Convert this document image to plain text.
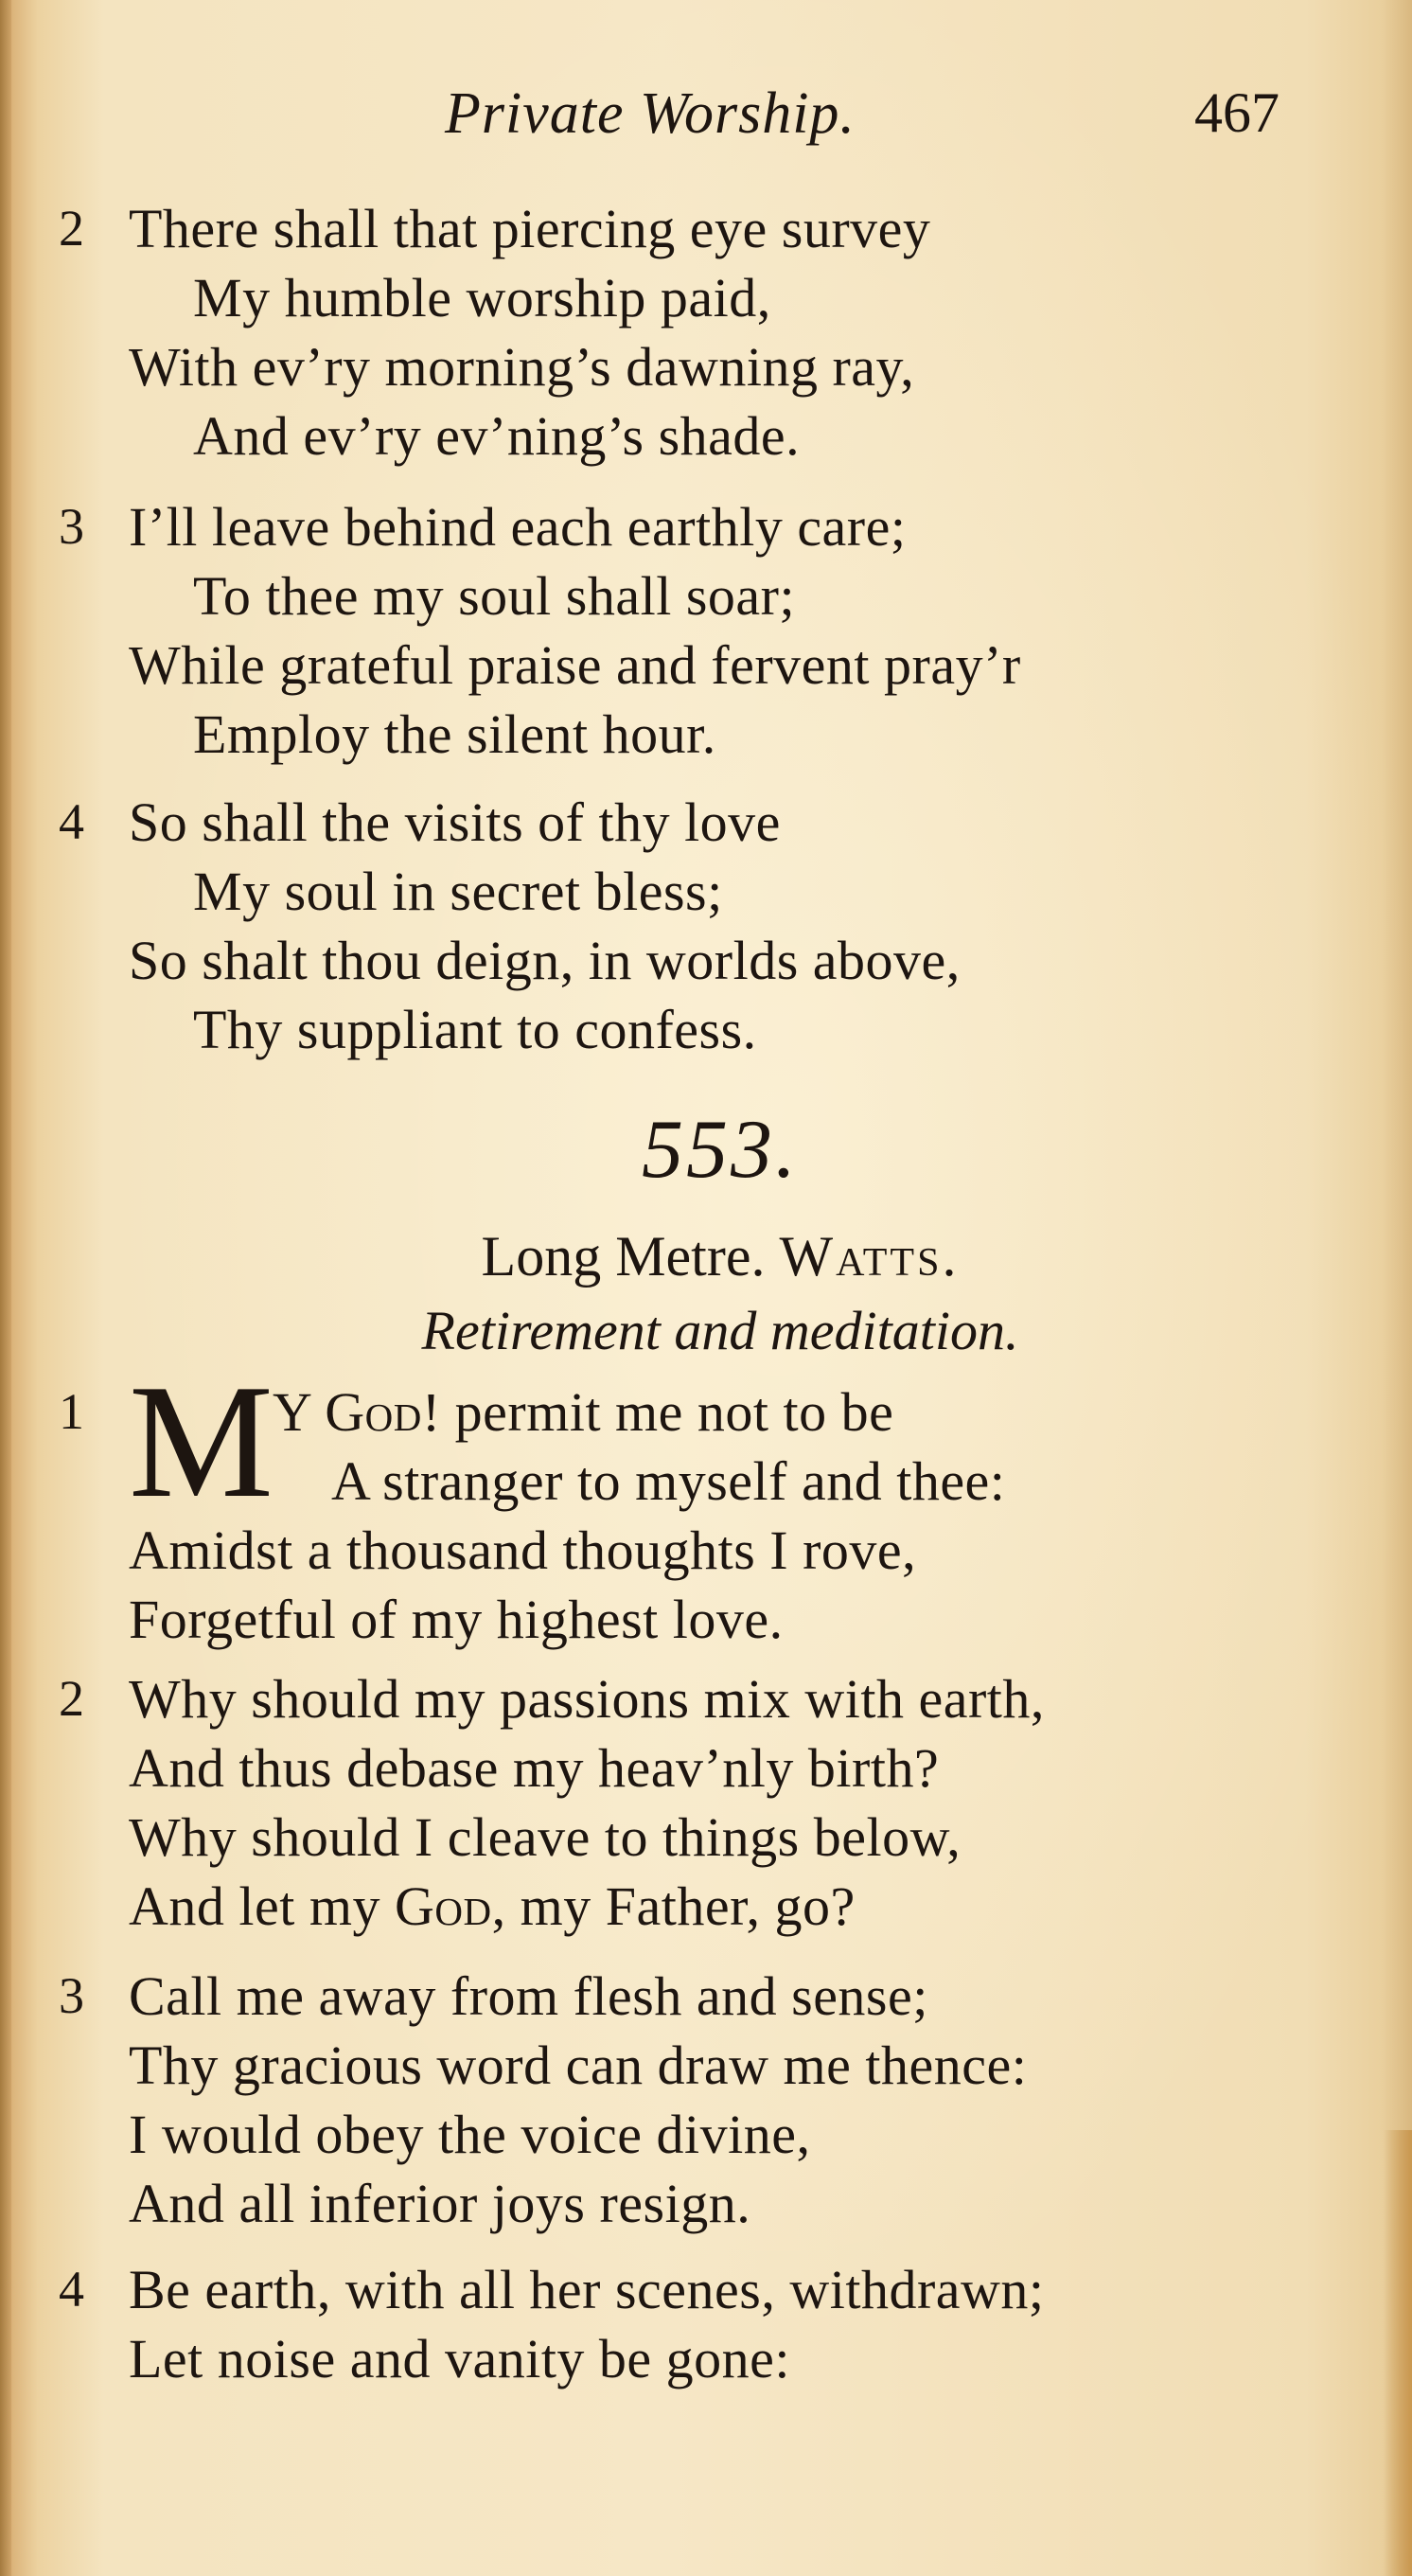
Private Worship.	467
2 There shall that piercing eye survey
My humble worship paid,
With ev’ry morning’s dawning ray,
And ev’ry ev’ning’s shade.
3 I’ll leave behind each earthly care;
To thee my soul shall soar;
While grateful praise and fervent pray’r
Employ the silent hour.
4 So shall the visits of thy love
My soul in secret bless;
So shalt thou deign, in worlds above,
Thy suppliant to confess.
553.
Long Metre. Watts.
Retirement and meditation.
1 M Y God! permit me not to be
A stranger to myself and thee:
Amidst a thousand thoughts I rove,
Forgetful of my highest love.
2 Why should my passions mix with earth,
And thus debase my heav’nly birth?
Why should I cleave to things below,
And let my God, my Father, go?
3 Call me away from flesh and sense;
Thy gracious word can draw me thence:
I would obey the voice divine,
And all inferior joys resign.
4 Be earth, with all her scenes, withdrawn;
Let noise and vanity be gone:
